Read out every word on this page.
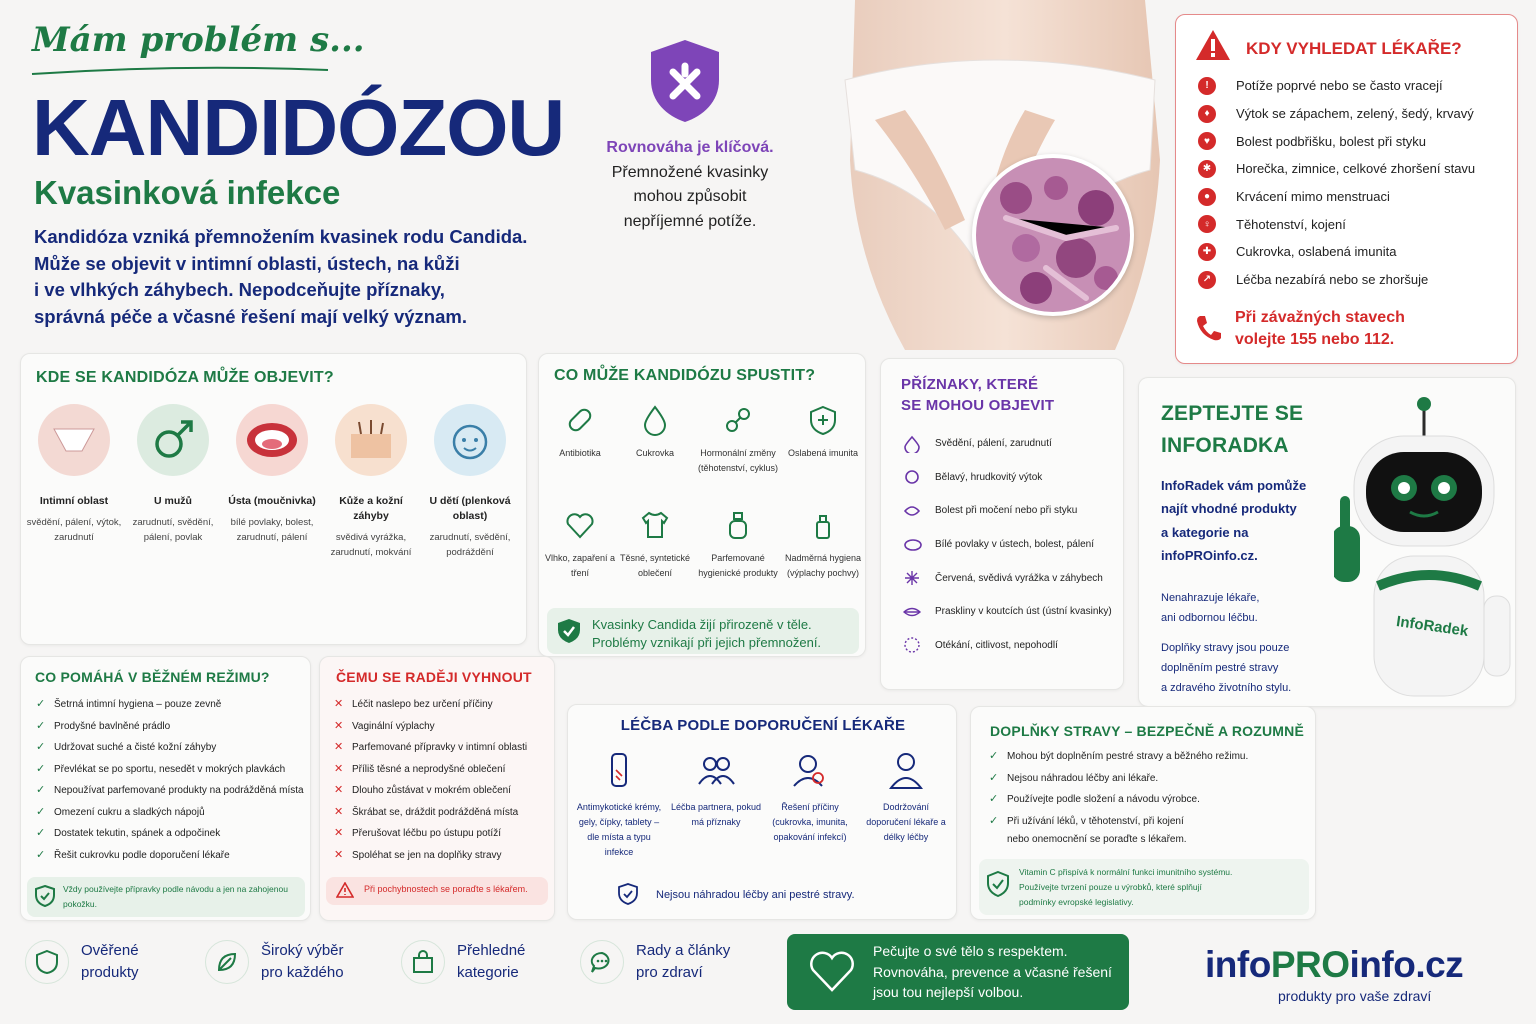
Mám problém s...
KANDIDÓZOU
Kvasinková infekce
Kandidóza vzniká přemnožením kvasinek rodu Candida.
Může se objevit v intimní oblasti, ústech, na kůži
i ve vlhkých záhybech. Nepodceňujte příznaky,
správná péče a včasné řešení mají velký význam.
Rovnováha je klíčová.
Přemnožené kvasinky
mohou způsobit
nepříjemné potíže.
KDY VYHLEDAT LÉKAŘE?
!	Potíže poprvé nebo se často vracejí
♦	Výtok se zápachem, zelený, šedý, krvavý
♥	Bolest podbřišku, bolest při styku
✱	Horečka, zimnice, celkové zhoršení stavu
●	Krvácení mimo menstruaci
♀	Těhotenství, kojení
✚	Cukrovka, oslabená imunita
↗	Léčba nezabírá nebo se zhoršuje
Při závažných stavech
volejte 155 nebo 112.
KDE SE KANDIDÓZA MŮŽE OBJEVIT?
Intimní oblast
svědění, pálení, výtok, zarudnutí
U mužů
zarudnutí, svědění, pálení, povlak
Ústa (moučnivka)
bílé povlaky, bolest, zarudnutí, pálení
Kůže a kožní záhyby
svědivá vyrážka, zarudnutí, mokvání
U dětí (plenková oblast)
zarudnutí, svědění, podráždění
CO MŮŽE KANDIDÓZU SPUSTIT?
Antibiotika	Cukrovka	Hormonální změny (těhotenství, cyklus)
Oslabená imunita
Vlhko, zapaření a tření
Těsné, syntetické oblečení
Parfemované hygienické produkty
Nadměrná hygiena (výplachy pochvy)
Kvasinky Candida žijí přirozeně v těle.
Problémy vznikají při jejich přemnožení.
PŘÍZNAKY, KTERÉ
SE MOHOU OBJEVIT
Svědění, pálení, zarudnutí
Bělavý, hrudkovitý výtok
Bolest při močení nebo při styku
Bílé povlaky v ústech, bolest, pálení
Červená, svědivá vyrážka v záhybech
Praskliny v koutcích úst (ústní kvasinky)
Otékání, citlivost, nepohodlí
ZEPTEJTE SE
INFORADKA
InfoRadek vám pomůže
najít vhodné produkty
a kategorie na
infoPROinfo.cz.
Nenahrazuje lékaře,
ani odbornou léčbu.
Doplňky stravy jsou pouze
doplněním pestré stravy
a zdravého životního stylu.
InfoRadek
CO POMÁHÁ V BĚŽNÉM REŽIMU?
✓ Šetrná intimní hygiena – pouze zevně
✓ Prodyšné bavlněné prádlo
✓ Udržovat suché a čisté kožní záhyby
✓ Převlékat se po sportu, nesedět v mokrých plavkách
✓ Nepoužívat parfemované produkty na podrážděná místa
✓ Omezení cukru a sladkých nápojů
✓ Dostatek tekutin, spánek a odpočinek
✓ Řešit cukrovku podle doporučení lékaře
Vždy používejte přípravky podle návodu a jen na zahojenou
pokožku.
ČEMU SE RADĚJI VYHNOUT
✕ Léčit naslepo bez určení příčiny
✕ Vaginální výplachy
✕ Parfemované přípravky v intimní oblasti
✕ Příliš těsné a neprodyšné oblečení
✕ Dlouho zůstávat v mokrém oblečení
✕ Škrábat se, dráždit podrážděná místa
✕ Přerušovat léčbu po ústupu potíží
✕ Spoléhat se jen na doplňky stravy
Při pochybnostech se poraďte s lékařem.
LÉČBA PODLE DOPORUČENÍ LÉKAŘE
Antimykotické krémy, gely, čípky, tablety – dle místa a typu infekce
Léčba partnera, pokud má příznaky
Řešení příčiny (cukrovka, imunita, opakování infekcí)
Dodržování doporučení lékaře a délky léčby
Nejsou náhradou léčby ani pestré stravy.
DOPLŇKY STRAVY – BEZPEČNĚ A ROZUMNĚ
✓ Mohou být doplněním pestré stravy a běžného režimu.
✓ Nejsou náhradou léčby ani lékaře.
✓ Používejte podle složení a návodu výrobce.
✓ Při užívání léků, v těhotenství, při kojení
nebo onemocnění se poraďte s lékařem.
Vitamin C přispívá k normální funkci imunitního systému.
Používejte tvrzení pouze u výrobků, které splňují
podmínky evropské legislativy.
Ověřené
produkty
Široký výběr
pro každého
Přehledné
kategorie
Rady a články
pro zdraví
Pečujte o své tělo s respektem.
Rovnováha, prevence a včasné řešení
jsou tou nejlepší volbou.
infoPROinfo.cz
produkty pro vaše zdraví
